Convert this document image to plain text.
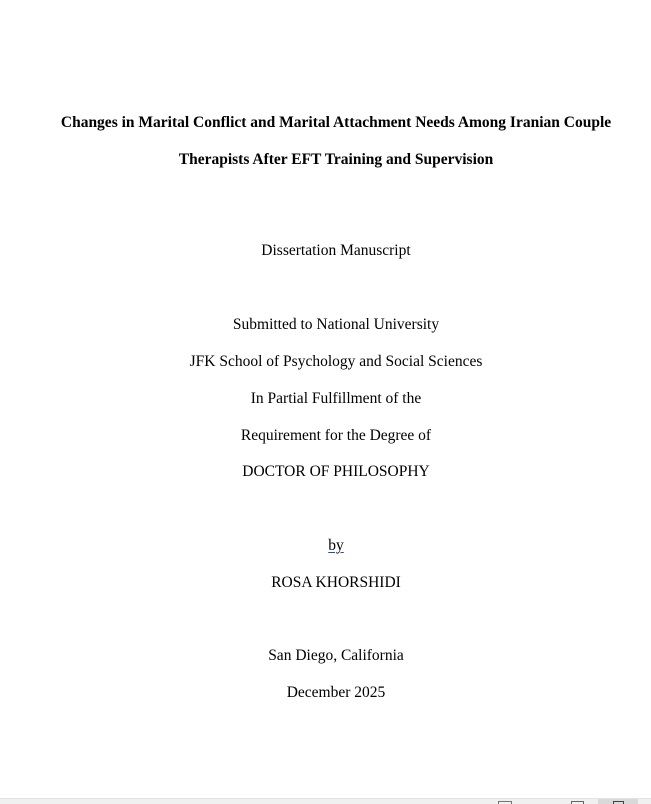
Changes in Marital Conflict and Marital Attachment Needs Among Iranian Couple
Therapists After EFT Training and Supervision
Dissertation Manuscript
Submitted to National University
JFK School of Psychology and Social Sciences
In Partial Fulfillment of the
Requirement for the Degree of
DOCTOR OF PHILOSOPHY
by
ROSA KHORSHIDI
San Diego, California
December 2025
